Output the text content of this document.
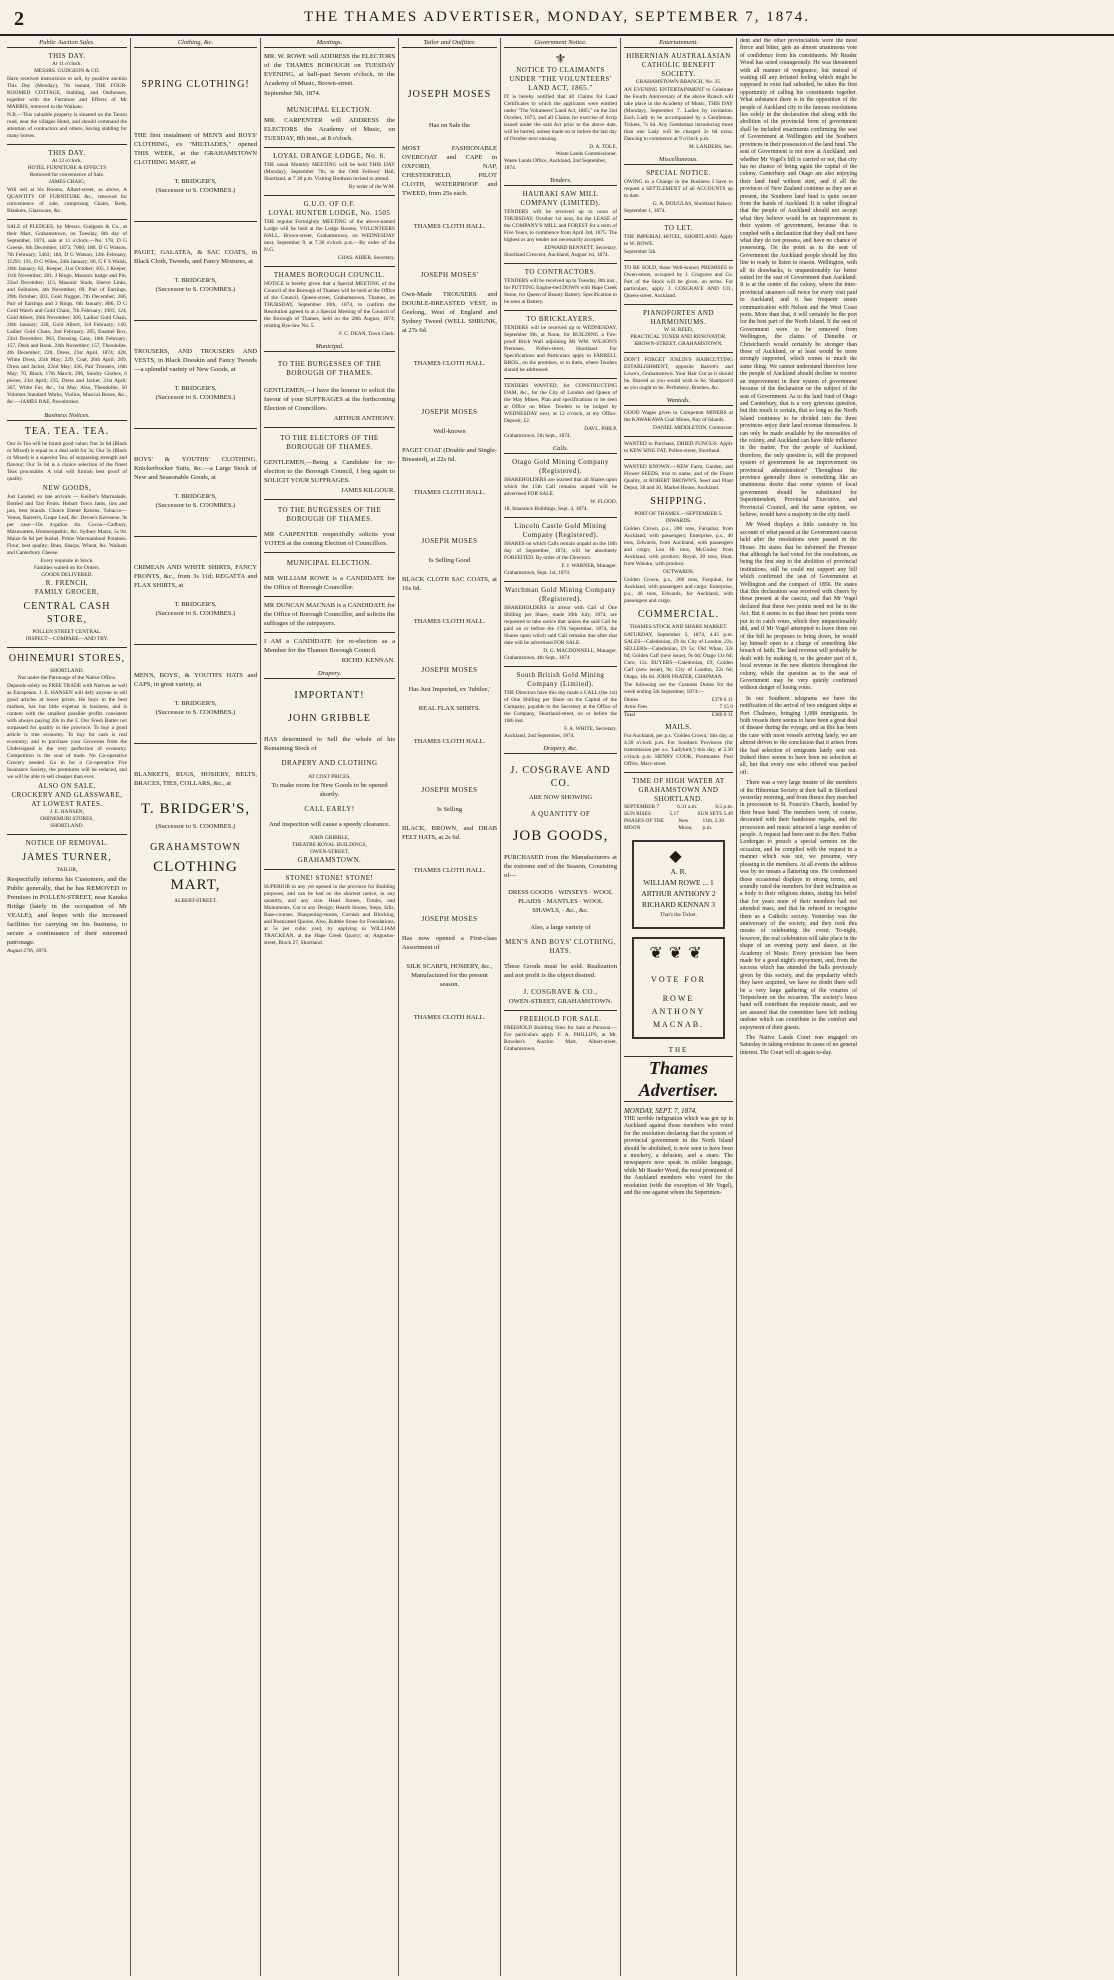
2	THE THAMES ADVERTISER, MONDAY, SEPTEMBER 7, 1874.
Public Auction Sales.
THIS DAY.
At 11 o'clock.
MESSRS. GUDGEON & CO.
Have received instructions to sell, by positive auction This Day (Monday), 7th instant, THE FOUR-ROOMED COTTAGE, Stabling, and Outhouses, together with the Furniture and Effects of Mr MARRIS, removed to the Waikato.
N.B.—This valuable property is situated on the Tararu road, near the villages Hotel, and should command the attention of contractors and others, having stabling for many horses.
THIS DAY.
At 12 o'clock.
HOTEL FURNITURE & EFFECTS
Removed for convenience of Sale.
JAMES CRAIG,
Will sell at his Rooms, Albert-street, as above, A QUANTITY OF FURNITURE &c., removed for convenience of sale, comprising Chairs, Beds, Blankets, Glassware, &c.
SALE of PLEDGES, by Messrs. Gudgeon & Co., at their Mart, Grahamstown, on Tuesday, 8th day of September, 1874, sale at 11 o'clock.—No. 178, D G Greene, 6th December, 1873; 7060; 180, D G Watson, 7th February; 5463; 184, D G Watson, 12th February, 11291; 191, D G Wiles, 24th January; 60, G F S Walsh, 26th January; 82, Keeper, 31st October; 105, J Keeper, 11th November; 281, J Ringe, Masonic badge and Pin, 22nd December; 113, Masonic Studs, Sleeve Links, and Solitaires, 4th November; 69, Pair of Earrings, 29th October; 203, Gold Nugget, 7th December; 286, Pair of Earrings and 3 Rings, 6th January; 886, D G Gold Watch and Gold Chain, 7th February; 1903, 124, Gold Albert, 26th November; 306, Ladies' Gold Chain, 26th January; 328, Gold Albert, 3rd February; 140, Ladies' Gold Chain, 2nd February; 285, Enamel Box, 23rd December; 963, Dressing Case, 16th February; 157, Desk and Book, 24th November; 157, Theodolite, 4th December; 220, Dress, 21st April, 1874; 428, White Dress, 25th May; 229, Coat, 26th April; 289, Dress and Jacket, 22nd May; 436, Pair Trousers, 16th May; 70, Black, 17th March; 296, Sundry Clothes, 6 pieces, 21st April; 235, Dress and Jacket, 21st April; 367, White Fur, &c., 1st May. Also, Theodolite, 50 Volumes Standard Works, Violins, Musical Boxes, &c., &c.—JAMES RAE, Pawnbroker.
Business Notices.
TEA. TEA. TEA.
Our 2s Tea will be found good value; Our 2s 6d (Black or Mixed) is equal to a deal sold for 3s; Our 3s (Black or Mixed) is a superior Tea, of surpassing strength and flavour; Our 3s 6d is a choice selection of the finest Teas procurable. A trial will furnish best proof of quality.
NEW GOODS,
Just Landed, ex late arrivals — Keiller's Marmalade, Bottled and Tart Fruits. Hobart Town Jams, tins and jars, best brands. Choice Elemé Raisins. Tobacco—Venus, Barrett's, Grape Leaf, &c. Devoe's Kerosene, 9s per case—10s 4-gallon tin. Cocoa—Cadbury, Mazawattee, Homoeopathic, &c. Sydney Maize, 5s 9d. Maize 6s 6d per bushel. Prime Warrnambool Potatoes. Flour, best quality; Bran, Sharps, Wheat, &c. Waikato and Canterbury Cheese.
Every requisite in Stock.
Families waited on for Orders.
GOODS DELIVERED.
R. FRENCH,
FAMILY GROCER,
CENTRAL CASH STORE,
POLLEN STREET CENTRAL.
INSPECT—COMPARE—AND TRY.
OHINEMURI STORES,
SHORTLAND.
Not under the Patronage of the Native Office.
Depends solely on FREE TRADE with Natives as well as Europeans. J. E. HANSEN will defy anyone to sell good articles at lower prices. He buys in the best markets, has but little expense in business, and is content with the smallest possible profits consistent with always paying 20s in the £. Our Fresh Butter not surpassed for quality in the province. To buy a good article is true economy. To buy for cash is real economy; and to purchase your Groceries from the Undersigned is the very perfection of economy. Competition is the soul of trade. No Co-operative Grocery needed. Go in for a Co-operative Fire Insurance Society, the premiums will be reduced, and we will be able to sell cheaper than ever.
ALSO ON SALE,
CROCKERY AND GLASSWARE,
AT LOWEST RATES.
J. E. HANSEN,
OHINEMURI STORES,
SHORTLAND.
NOTICE OF REMOVAL.
JAMES TURNER,
TAILOR,
Respectfully informs his Customers, and the Public generally, that he has REMOVED to Premises in POLLEN-STREET, near Karaka Bridge (lately in the occupation of Mr VEALE); and hopes with the increased facilities for carrying on his business, to secure a continuance of their esteemed patronage.
August 27th, 1874.
Clothing, &c.
SPRING CLOTHING!
THE first instalment of MEN'S and BOYS' CLOTHING, ex "MILTIADES," opened THIS WEEK, at the GRAHAMSTOWN CLOTHING MART, at
T. BRIDGER'S,
(Successor to S. COOMBES.)
PAGET, GALATEA, & SAC COATS, in Black Cloth, Tweeds, and Fancy Mixtures, at
T. BRIDGER'S,
(Successor to S. COOMBES.)
TROUSERS, AND TROUSERS AND VESTS, in Black Doeskin and Fancy Tweeds—a splendid variety of New Goods, at
T. BRIDGER'S,
(Successor to S. COOMBES.)
BOYS' & YOUTHS' CLOTHING, Knickerbocker Suits, &c.—a Large Stock of New and Seasonable Goods, at
T. BRIDGER'S,
(Successor to S. COOMBES.)
CRIMEAN AND WHITE SHIRTS, FANCY FRONTS, &c., from 3s 11d; REGATTA and FLAX SHIRTS, at
T. BRIDGER'S,
(Successor to S. COOMBES.)
MEN'S, BOYS', & YOUTH'S HATS and CAPS, in great variety, at
T. BRIDGER'S,
(Successor to S. COOMBES.)
BLANKETS, RUGS, HOSIERY, BELTS, BRACES, TIES, COLLARS, &c., at
T. BRIDGER'S,
(Successor to S. COOMBES.)
GRAHAMSTOWN
CLOTHING MART,
ALBERT-STREET.
Meetings.
MR. W. ROWE will ADDRESS the ELECTORS of the THAMES BOROUGH on TUESDAY EVENING, at half-past Seven o'clock, in the Academy of Music, Brown-street.
September 5th, 1874.
MUNICIPAL ELECTION.
MR. CARPENTER will ADDRESS the ELECTORS the Academy of Music, on TUESDAY, 8th inst., at 8 o'clock.
LOYAL ORANGE LODGE, No. 6.
THE usual Monthly MEETING will be held THIS DAY (Monday), September 7th, in the Odd Fellows' Hall, Shortland, at 7.30 p.m. Visiting Brethren invited to attend.
By order of the W.M.
G.U.O. OF O.F.
LOYAL HUNTER LODGE, No. 1505
THE regular Fortnightly MEETING of the above-named Lodge will be held at the Lodge Rooms, VOLUNTEERS HALL, Brown-street, Grahamstown, on WEDNESDAY next, September 9, at 7.30 o'clock p.m.—By order of the N.G.
CHAS. AHIER, Secretary.
THAMES BOROUGH COUNCIL.
NOTICE is hereby given that a Special MEETING of the Council of the Borough of Thames will be held at the Office of the Council, Queen-street, Grahamstown, Thames, on THURSDAY, September 10th, 1874, to confirm the Resolution agreed to at a Special Meeting of the Council of the Borough of Thames, held on the 28th August, 1874, relating Bye-law No. 5.
F. C. DEAN, Town Clerk.
Municipal.
TO THE BURGESSES OF THE BOROUGH OF THAMES.
GENTLEMEN,—I have the honour to solicit the favour of your SUFFRAGES at the forthcoming Election of Councillors.
ARTHUR ANTHONY.
TO THE ELECTORS OF THE BOROUGH OF THAMES.
GENTLEMEN,—Being a Candidate for re-election to the Borough Council, I beg again to SOLICIT YOUR SUFFRAGES.
JAMES KILGOUR.
TO THE BURGESSES OF THE BOROUGH OF THAMES.
MR CARPENTER respectfully solicits your VOTES at the coming Election of Councillors.
MUNICIPAL ELECTION.
MR WILLIAM ROWE is a CANDIDATE for the Office of Borough Councillor.
MR DUNCAN MACNAB is a CANDIDATE for the Office of Borough Councillor, and solicits the suffrages of the ratepayers.
I AM a CANDIDATE for re-election as a Member for the Thames Borough Council.
RICHD. KENNAN.
Drapery.
IMPORTANT!
JOHN GRIBBLE
HAS determined to Sell the whole of his Remaining Stock of
DRAPERY AND CLOTHING
AT COST PRICES,
To make room for New Goods to be opened shortly.
CALL EARLY!
And inspection will cause a speedy clearance.
JOHN GRIBBLE,
THEATRE ROYAL BUILDINGS,
OWEN-STREET,
GRAHAMSTOWN.
STONE! STONE! STONE!
SUPERIOR to any yet opened in the province for Building purposes, and can be had on the shortest notice, in any quantity, and any size. Head Stones, Tombs, and Monuments, Cut to any Design; Hearth Stones, Steps, Sills, Base-courses, Sharpening-stones, Cornish and Blocking, and Rusticated Quoins. Also, Rubble Stone for Foundations, at 5s per cubic yard, by applying to WILLIAM TRACKEAN, at the Hape Creek Quarry; or, Augustus-street, Block 27, Shortland.
Tailor and Outfitter.
JOSEPH MOSES
Has on Sale the
MOST FASHIONABLE OVERCOAT and CAPE in OXFORD, NAP, CHESTERFIELD, PILOT CLOTH, WATERPROOF and TWEED, from 25s each.
THAMES CLOTH HALL.
JOSEPH MOSES'
Own-Made TROUSERS and DOUBLE-BREASTED VEST, in Geelong, West of England and Sydney Tweed (WELL SHRUNK, at 27s 6d.
THAMES CLOTH HALL.
JOSEPH MOSES
Well-known
PAGET COAT (Double and Single-Breasted), at 22s 6d.
THAMES CLOTH HALL.
JOSEPH MOSES
Is Selling Good
BLACK CLOTH SAC COATS, at 16s 6d.
THAMES CLOTH HALL.
JOSEPH MOSES
Has Just Imported, ex 'Jubilee,'
REAL FLAX SHIRTS.
THAMES CLOTH HALL.
JOSEPH MOSES
Is Selling
BLACK, BROWN, and DRAB FELT HATS, at 2s 6d.
THAMES CLOTH HALL.
JOSEPH MOSES
Has now opened a First-class Assortment of
SILK SCARFS, HOSIERY, &c.,
Manufactured for the present season.
THAMES CLOTH HALL.
Government Notice.
⚜
NOTICE TO CLAIMANTS UNDER "THE VOLUNTEERS' LAND ACT, 1865."
IT is hereby notified that all Claims for Land Certificates to which the applicants were entitled under "The Volunteers' Land Act, 1865," on the 2nd October, 1873, and all Claims for exercise of Scrip issued under the said Act prior to the above date, will be barred, unless made on or before the last day of October next ensuing.
D. A. TOLE,
Waste Lands Commissioner.
Waste Lands Office, Auckland, 2nd September, 1874.
Tenders.
HAURAKI SAW MILL COMPANY (LIMITED).
TENDERS will be received up to noon of THURSDAY, October 1st next, for the LEASE of the COMPANY'S MILL and FOREST for a term of Five Years, to commence from April 3rd, 1875. The highest or any tender not necessarily accepted.
EDWARD BENNETT, Secretary.
Shortland Crescent, Auckland, August 1st, 1874.
TO CONTRACTORS.
TENDERS will be received up to Tuesday, 8th inst., for PUTTING Engine-bed DOWN with Hape Creek Stone, for Queen of Beauty Battery. Specification to be seen at Battery.
TO BRICKLAYERS.
TENDERS will be received up to WEDNESDAY, September 9th, at Noon, for BUILDING a Fire-proof Brick Wall adjoining Mr WM. WILSON'S Premises, Pollen-street, Shortland. For Specifications and Particulars apply to FARRELL BROS., on the premises, or to them, where Tenders should be addressed.
TENDERS WANTED, for CONSTRUCTING DAM, &c., for the City of London and Queen of the May Mines. Plan and specifications to be seen at Office on Mine. Tenders to be lodged by WEDNESDAY next, at 12 o'clock, at my Office. Deposit, £2.
DAVL. PHILP,
Grahamstown, 5th Sept., 1874.
Calls.
Otago Gold Mining Company (Registered).
SHAREHOLDERS are warned that all Shares upon which the 15th Call remains unpaid will be advertised FOR SALE.
W. FLOOD,
18, Insurance Buildings, Sept. 4, 1874.
Lincoln Castle Gold Mining Company (Registered).
SHARES on which Calls remain unpaid on the 18th day of September, 1874, will be absolutely FORFEITED. By order of the Directors.
F. J. WARNER, Manager.
Grahamstown, Sept. 1st, 1874.
Watchman Gold Mining Company (Registered).
SHAREHOLDERS in arrear with Call of One Shilling per Share, made 30th July, 1874, are requested to take notice that unless the said Call be paid on or before the 17th September, 1874, the Shares upon which said Call remains due after that date will be advertised FOR SALE.
D. G. MACDONNELL, Manager.
Grahamstown, 4th Sept., 1874.
South British Gold Mining Company (Limited).
THE Directors have this day made a CALL (the 1st) of One Shilling per Share on the Capital of the Company, payable to the Secretary at the Office of the Company, Shortland-street, on or before the 16th inst.
F. A. WHITE, Secretary.
Auckland, 2nd September, 1874.
Drapery, &c.
J. COSGRAVE AND CO.
ARE NOW SHOWING
A QUANTITY OF
JOB GOODS,
PURCHASED from the Manufacturers at the extreme end of the Season, Consisting of—
DRESS GOODS · WINSEYS · WOOL PLAIDS · MANTLES · WOOL SHAWLS, · &c., &c.
Also, a large variety of
MEN'S AND BOYS' CLOTHING, HATS.
These Goods must be sold. Realization and not profit is the object desired.
J. COSGRAVE & CO.,
OWEN-STREET, GRAHAMSTOWN.
FREEHOLD FOR SALE.
FREEHOLD Building Sites for Sale at Parawai.—For particulars apply F. A. PHILLIPS, at Mr. Bowden's Auction Mart, Albert-street, Grahamstown.
Entertainment.
HIBERNIAN AUSTRALASIAN CATHOLIC BENEFIT SOCIETY.
GRAHAMSTOWN BRANCH, No. 35.
AN EVENING ENTERTAINMENT to Celebrate the Fourth Anniversary of the above Branch will take place in the Academy of Music, THIS DAY (Monday), September 7. Ladies by invitation. Each Lady to be accompanied by a Gentleman. Tickets, 7s 6d. Any Gentleman introducing more than one Lady will be charged 2s 6d extra. Dancing to commence at 9 o'clock p.m.
M. LANDERS, Sec.
Miscellaneous.
SPECIAL NOTICE.
OWING to a Change in the Business I have to request a SETTLEMENT of all ACCOUNTS up to date.
G. A. DOUGLAS, Shortland Bakery.
September 1, 1874.
TO LET.
THE IMPERIAL HOTEL, SHORTLAND. Apply to W. ROWE.
September 5th.
TO BE SOLD, those Well-known PREMISES in Owen-street, occupied by J. Cosgrave and Co. Part of the Stock will be given, on terms. For particulars, apply J. COSGRAVE AND CO., Queen-street, Auckland.
PIANOFORTES AND HARMONIUMS.
W. H. REED,
PRACTICAL TUNER AND RENOVATOR. BROWN-STREET, GRAHAMSTOWN.
DON'T FORGET JOSLIN'S HAIRCUTTING ESTABLISHMENT, opposite Barrett's and Lowe's, Grahamstown. Your Hair Cut as it should be, Shaved as you would wish to be, Shampoo'd as you ought to be. Perfumery, Brushes, &c.
Wanteds.
GOOD Wages given to Competent MINERS at the KAWAKAWA Coal Mines, Bay of Islands.
DANIEL MIDDLETON, Contractor.
WANTED to Purchase, DRIED FUNGUS. Apply to KEW SING FAT, Pollen-street, Shortland.
WANTED KNOWN.—NEW Farm, Garden, and Flower SEEDS, true to name, and of the Finest Quality, at ROBERT BROWN'S, Seed and Plant Depot, 38 and 30, Market House, Auckland.
SHIPPING.
PORT OF THAMES.—SEPTEMBER 5.
INWARDS.
Golden Crown, p.s., 200 tons, Farquhar, from Auckland, with passengers; Enterprise, p.s., 40 tons, Edwards, from Auckland, with passengers and cargo; Lou Hi tons, McGinley from Auckland, with produce; Royal, 20 tons, Hunt, from Waiuku, with produce.
OUTWARDS.
Golden Crown, p.s., 200 tons, Farquhar, for Auckland, with passengers and cargo; Enterprise, p.s., 40 tons, Edwards, for Auckland, with passengers and cargo.
COMMERCIAL.
THAMES STOCK AND SHARE MARKET.
SATURDAY, September 5, 1874, 4.45 p.m. SALES—Caledonian, £9 4s; City of London, 22s. SELLERS—Caledonian, £9 5s; Old Whau, 32s 6d; Golden Calf (new issue), 9s 6d; Otago 11s 6d; Cure, 11s. BUYERS—Caledonian, £9; Golden Calf (new issue), 9s; City of London, 22s 6d; Otago, 10s 6d. JOHN FRATER, CHAPMAN.
The following are the Customs Duties for the week ending 5th September, 1874:—
Duties	£378 6 11
Arms Fees	7 15 0
Total	£386 0 11
MAILS.
For Auckland, per p.s. 'Golden Crown,' this day, at 4.30 o'clock p.m. For Southern Provinces (for transmission per s.s. 'Ladybird,') this day, at 2.30 o'clock p.m. HENRY COOK, Postmaster. Post Office, Mary-street.
TIME OF HIGH WATER AT GRAHAMSTOWN AND SHORTLAND.
SEPTEMBER 7	6.31 a.m.	6.5 p.m.
SUN RISES	5.17	SUN SETS 5.49
PHASES OF THE MOON
New Moon,
11th, 2.30 p.m.
◆
A. R.
WILLIAM ROWE ... 1
ARTHUR ANTHONY 2
RICHARD KENNAN 3
That's the Ticket.
❦❦❦
VOTE FOR
ROWE
ANTHONY
MACNAB.
THE
Thames Advertiser.
MONDAY, SEPT. 7, 1874.
THE terrible indignation which was got up in Auckland against those members who voted for the resolution declaring that the system of provincial government in the North Island should be abolished, is now seen to have been a mockery, a delusion, and a snare. The newspapers now speak in milder language, while Mr Reader Wood, the most prominent of the Auckland members who voted for the resolution (with the exception of Mr Vogel), and the one against whom the Superinten-
dent and the other provincialists were the most fierce and bitter, gets an almost unanimous vote of confidence from his constituents. Mr Reader Wood has acted courageously. He was threatened with all manner of vengeance, but instead of waiting till any irritated feeling which might be supposed to exist had subsided, he takes the first opportunity of calling his constituents together. What substance there is in the opposition of the people of Auckland city to the famous resolutions lies solely in the declaration that along with the abolition of the provincial form of government shall be included enactments confirming the seat of Government at Wellington and the Southern provinces in their possession of the land fund. The seat of Government is not now at Auckland, and whether Mr Vogel's bill is carried or not, that city has no chance of being again the capital of the colony. Canterbury and Otago are also enjoying their land fund without stint, and if all the provinces of New Zealand continue as they are at present, the Southern land fund is quite secure from the hands of Auckland. It is rather illogical that the people of Auckland should not accept what they believe would be an improvement in their system of government, because that is coupled with a declaration that they shall not have what they do not possess, and have no chance of possessing. On the point as to the seat of Government the Auckland people should lay this line to ready to listen to reason. Wellington, with all its drawbacks, is unquestionably far better suited for the seat of Government than Auckland. It is at the centre of the colony, where the inter-provincial steamers call twice for every visit paid to Auckland, and it has frequent steam communication with Nelson and the West Coast ports. More than that, it will certainly be the port for the best part of the North Island. If the seat of Government were to be removed from Wellington, the claims of Dunedin or Christchurch would certainly be stronger than those of Auckland, or at least would be more strongly supported, which comes to much the same thing. We cannot understand therefore how the people of Auckland should decline to receive an improvement in their system of government because of the declaration on the subject of the seat of Government. As to the land fund of Otago and Canterbury, that is a very grievous question, but this much is certain, that so long as the North Island continues to be divided into the three provinces enjoy their land revenue themselves. It can only be made available by the necessities of the colony, and Auckland can have little influence in the matter. For the people of Auckland, therefore, the only question is, will the proposed system of government be an improvement on provincial administration? Throughout the province generally there is something like an unanimous desire that some system of local government should be substituted for Superintendent, Provincial Executive, and Provincial Council, and the same opinion, we believe, would have a majority in the city itself.

Mr Wood displays a little casuistry in his account of what passed at the Government caucus held after the resolutions were passed in the House. He states that he informed the Premier that although he had voted for the resolutions, as being the first step to the abolition of provincial institutions, still he could not support any bill which confirmed the seat of Government at Wellington and the compact of 1856. He states that this declaration was received with cheers by those present at the caucus, and that Mr Vogel declared that these two points need not be in the Act. But it seems to us that these two points were put in to catch votes, which they unquestionably did, and if Mr Vogel attempted to leave them out of the bill he proposes to bring down, he would lay himself open to a charge of something like breach of faith. The land revenue will probably be dealt with by making it, or the greater part of it, local revenue in the new districts throughout the colony, while the question as to the seat of Government may be very quietly confirmed without danger of losing votes.

In our Southern telegrams we have the notification of the arrival of two emigrant ships at Port Chalmers, bringing 1,088 immigrants. In both vessels there seems to have been a great deal of disease during the voyage, and as this has been the case with most vessels arriving lately, we are almost driven to the conclusion that it arises from the bad selection of emigrants lately sent out. Indeed there seems to have been no selection at all, but that every one who offered was packed off.

There was a very large muster of the members of the Hibernian Society at their hall in Shortland yesterday morning, and from thence they marched in procession to St. Francis's Church, headed by their brass band. The members were, of course, decorated with their handsome regalia, and the procession and music attracted a large number of people. A request had been sent to the Rev. Father Lordergan to preach a special sermon on the occasion, and he complied with the request in a manner which was not, we presume, very pleasing to the members. At all events the address was by no means a flattering one. He condemned those occasional displays in strong terms, and soundly rated the members for their inclination as a body to their religious duties, stating his belief that for years none of their members had not attended mass, and that he refused to recognise them as a Catholic society. Yesterday was the anniversary of the society, and they took this means of celebrating the event. To-night, however, the real celebration will take place in the shape of an evening party and dance, at the Academy of Music. Every provision has been made for a good night's enjoyment, and, from the success which has attended the balls previously given by this society, and the popularity which they have acquired, we have no doubt there will be a very large gathering of the votaries of Terpsichore on the occasion. The society's brass band will contribute the requisite music, and we are assured that the committee have left nothing undone which can contribute to the comfort and enjoyment of their guests.

The Native Lands Court was engaged on Saturday in taking evidence in cases of no general interest. The Court will sit again to-day.
